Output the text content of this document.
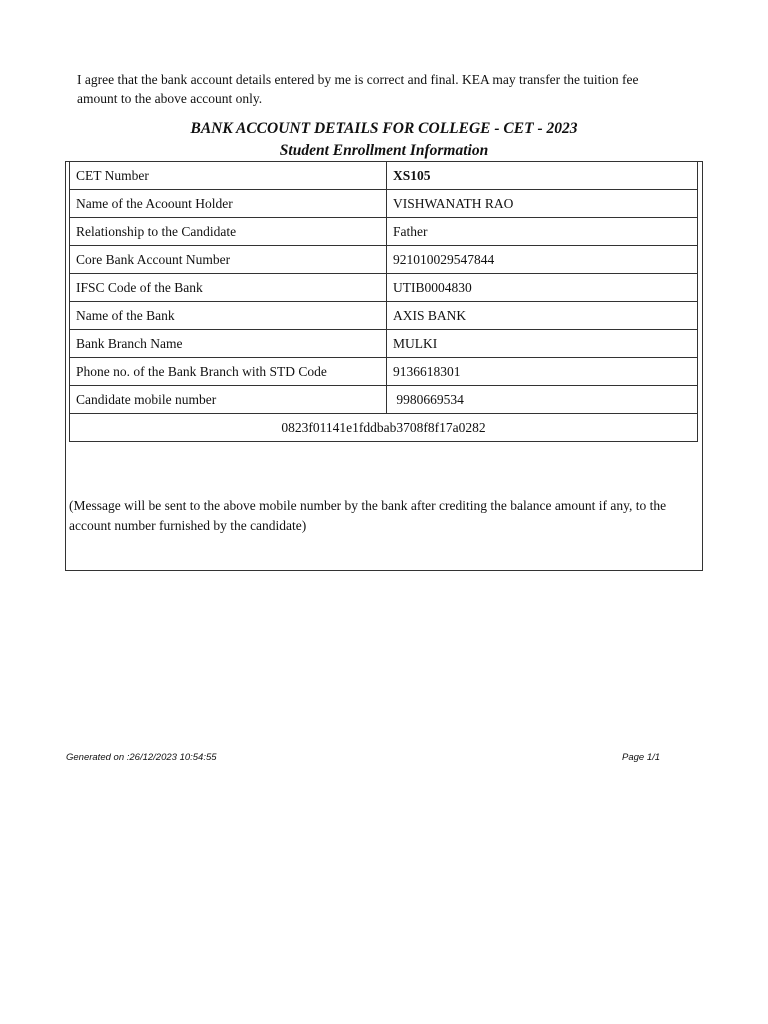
I agree that the bank account details entered by me is correct and final. KEA may transfer the tuition fee
amount to the above account only.
BANK ACCOUNT DETAILS FOR COLLEGE - CET - 2023
Student Enrollment Information
CET Number	XS105
Name of the Acoount Holder	VISHWANATH RAO
Relationship to the Candidate	Father
Core Bank Account Number	921010029547844
IFSC Code of the Bank	UTIB0004830
Name of the Bank	AXIS BANK
Bank Branch Name	MULKI
Phone no. of the Bank Branch with STD Code	9136618301
Candidate mobile number	9980669534
0823f01141e1fddbab3708f8f17a0282	
(Message will be sent to the above mobile number by the bank after crediting the balance amount if any, to the account number furnished by the candidate)
Generated on :26/12/2023 10:54:55	Page 1/1
